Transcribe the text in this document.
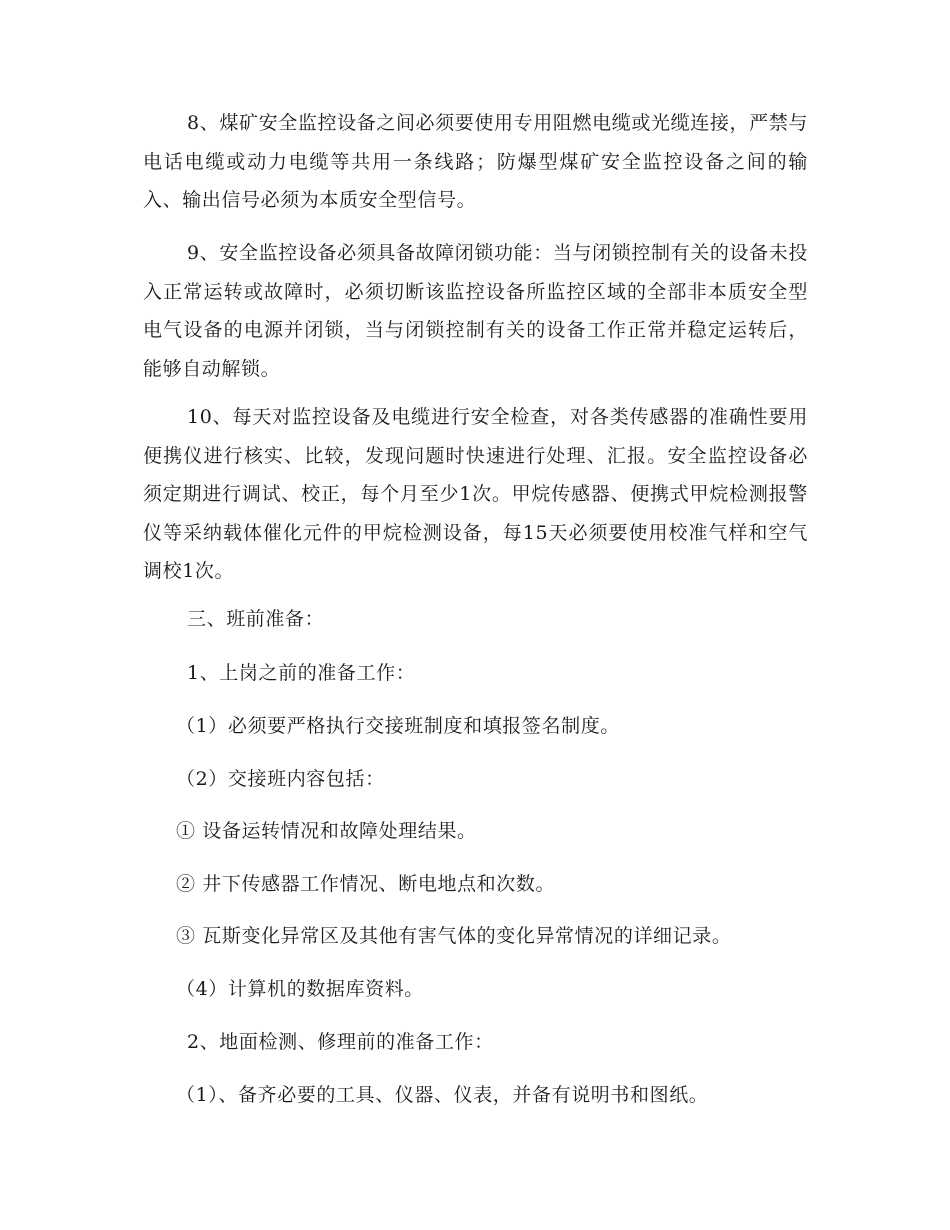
8、煤矿安全监控设备之间必须要使用专用阻燃电缆或光缆连接，严禁与电话电缆或动力电缆等共用一条线路；防爆型煤矿安全监控设备之间的输入、输出信号必须为本质安全型信号。

9、安全监控设备必须具备故障闭锁功能：当与闭锁控制有关的设备未投入正常运转或故障时，必须切断该监控设备所监控区域的全部非本质安全型电气设备的电源并闭锁，当与闭锁控制有关的设备工作正常并稳定运转后，能够自动解锁。

10、每天对监控设备及电缆进行安全检查，对各类传感器的准确性要用便携仪进行核实、比较，发现问题时快速进行处理、汇报。安全监控设备必须定期进行调试、校正，每个月至少1次。甲烷传感器、便携式甲烷检测报警仪等采纳载体催化元件的甲烷检测设备，每15天必须要使用校准气样和空气调校1次。

三、班前准备：

1、上岗之前的准备工作：

（1）必须要严格执行交接班制度和填报签名制度。

（2）交接班内容包括：

① 设备运转情况和故障处理结果。

② 井下传感器工作情况、断电地点和次数。

③ 瓦斯变化异常区及其他有害气体的变化异常情况的详细记录。

（4）计算机的数据库资料。

2、地面检测、修理前的准备工作：

（1）、备齐必要的工具、仪器、仪表，并备有说明书和图纸。
